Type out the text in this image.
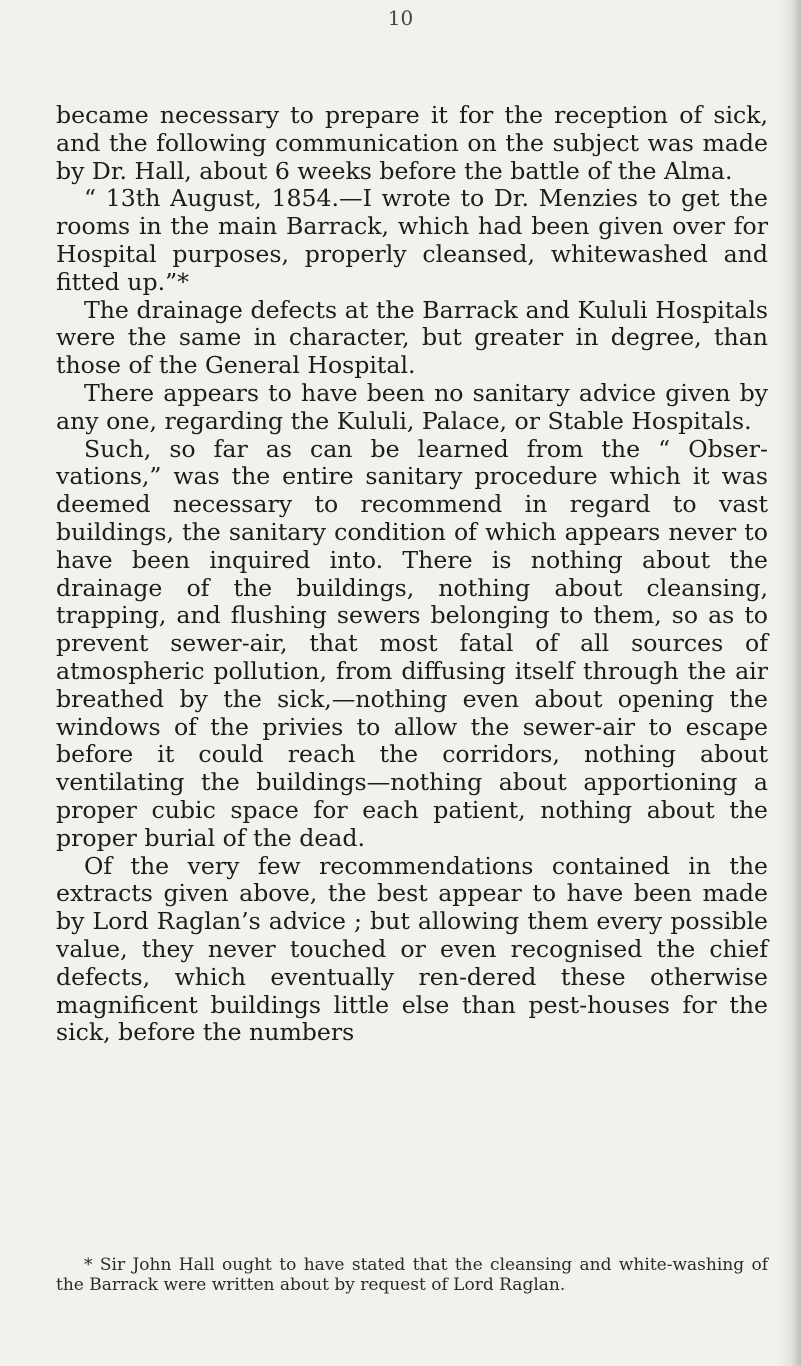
10

became necessary to prepare it for the reception of sick, and the following communication on the subject was made by Dr. Hall, about 6 weeks before the battle of the Alma.

“ 13th August, 1854.—I wrote to Dr. Menzies to get the rooms in the main Barrack, which had been given over for Hospital purposes, properly cleansed, whitewashed and fitted up.”*

The drainage defects at the Barrack and Kululi Hospitals were the same in character, but greater in degree, than those of the General Hospital.

There appears to have been no sanitary advice given by any one, regarding the Kululi, Palace, or Stable Hospitals.

Such, so far as can be learned from the “ Obser-vations,” was the entire sanitary procedure which it was deemed necessary to recommend in regard to vast buildings, the sanitary condition of which appears never to have been inquired into. There is nothing about the drainage of the buildings, nothing about cleansing, trapping, and flushing sewers belonging to them, so as to prevent sewer-air, that most fatal of all sources of atmospheric pollution, from diffusing itself through the air breathed by the sick,—nothing even about opening the windows of the privies to allow the sewer-air to escape before it could reach the corridors, nothing about ventilating the buildings—nothing about apportioning a proper cubic space for each patient, nothing about the proper burial of the dead.

Of the very few recommendations contained in the extracts given above, the best appear to have been made by Lord Raglan’s advice ; but allowing them every possible value, they never touched or even recognised the chief defects, which eventually ren-dered these otherwise magnificent buildings little else than pest-houses for the sick, before the numbers

* Sir John Hall ought to have stated that the cleansing and white-washing of the Barrack were written about by request of Lord Raglan.
